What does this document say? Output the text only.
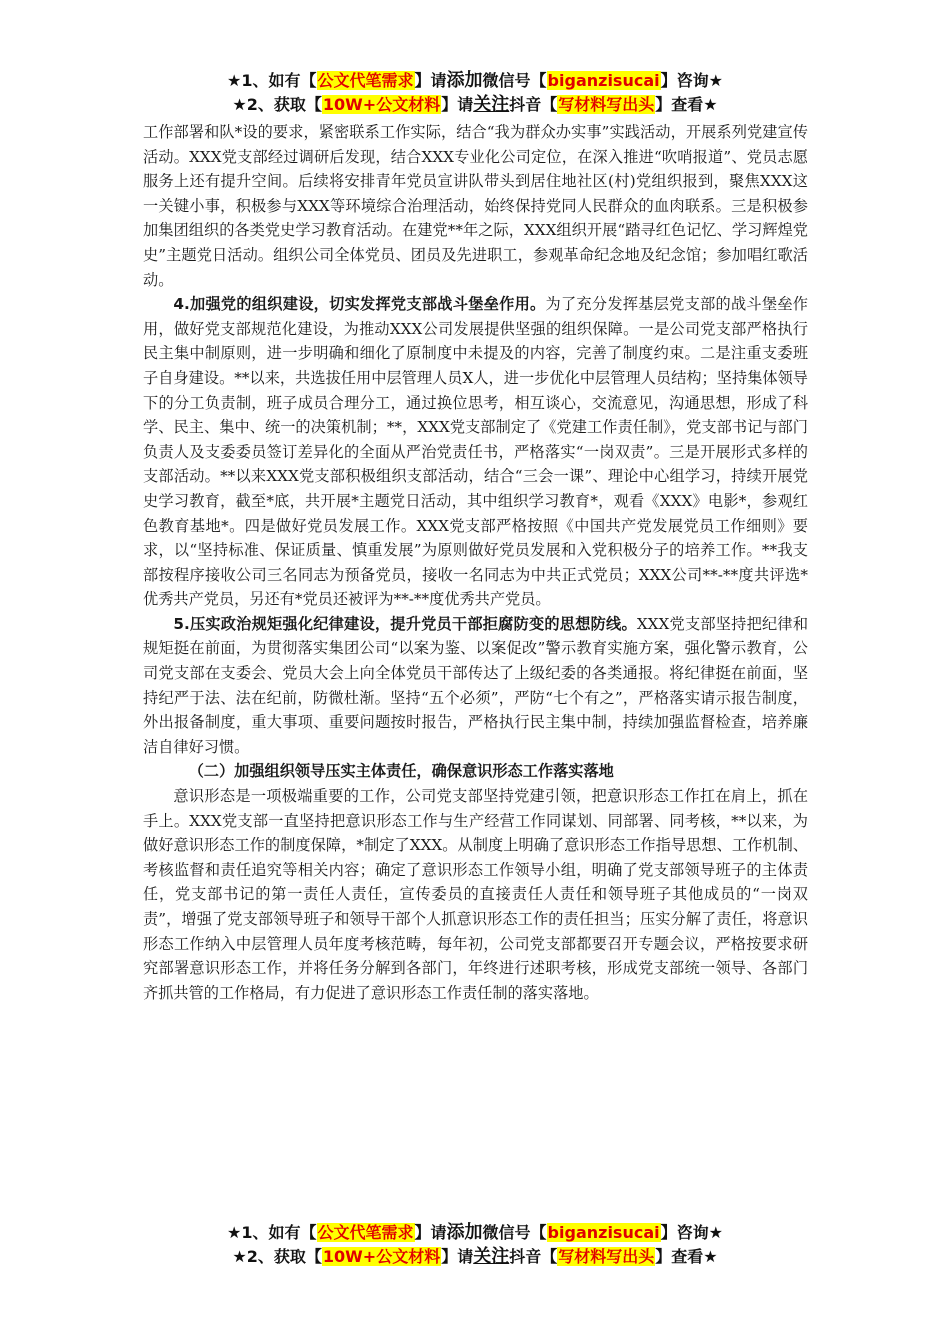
★1、如有【公文代笔需求】请添加微信号【biganzisucai】咨询★
★2、获取【10W+公文材料】请关注抖音【写材料写出头】查看★

工作部署和队*设的要求，紧密联系工作实际，结合“我为群众办实事”实践活动，开展系列党建宣传活动。XXX党支部经过调研后发现，结合XXX专业化公司定位，在深入推进“吹哨报道”、党员志愿服务上还有提升空间。后续将安排青年党员宣讲队带头到居住地社区(村)党组织报到，聚焦XXX这一关键小事，积极参与XXX等环境综合治理活动，始终保持党同人民群众的血肉联系。三是积极参加集团组织的各类党史学习教育活动。在建党**年之际，XXX组织开展“踏寻红色记忆、学习辉煌党史”主题党日活动。组织公司全体党员、团员及先进职工，参观革命纪念地及纪念馆；参加唱红歌活动。

4.加强党的组织建设，切实发挥党支部战斗堡垒作用。为了充分发挥基层党支部的战斗堡垒作用，做好党支部规范化建设，为推动XXX公司发展提供坚强的组织保障。一是公司党支部严格执行民主集中制原则，进一步明确和细化了原制度中未提及的内容，完善了制度约束。二是注重支委班子自身建设。**以来，共选拔任用中层管理人员X人，进一步优化中层管理人员结构；坚持集体领导下的分工负责制，班子成员合理分工，通过换位思考，相互谈心，交流意见，沟通思想，形成了科学、民主、集中、统一的决策机制；**，XXX党支部制定了《党建工作责任制》，党支部书记与部门负责人及支委委员签订差异化的全面从严治党责任书，严格落实“一岗双责”。三是开展形式多样的支部活动。**以来XXX党支部积极组织支部活动，结合“三会一课”、理论中心组学习，持续开展党史学习教育，截至*底，共开展*主题党日活动，其中组织学习教育*，观看《XXX》电影*，参观红色教育基地*。四是做好党员发展工作。XXX党支部严格按照《中国共产党发展党员工作细则》要求，以“坚持标准、保证质量、慎重发展”为原则做好党员发展和入党积极分子的培养工作。**我支部按程序接收公司三名同志为预备党员，接收一名同志为中共正式党员；XXX公司**-**度共评选*优秀共产党员，另还有*党员还被评为**-**度优秀共产党员。

5.压实政治规矩强化纪律建设，提升党员干部拒腐防变的思想防线。XXX党支部坚持把纪律和规矩挺在前面，为贯彻落实集团公司“以案为鉴、以案促改”警示教育实施方案，强化警示教育，公司党支部在支委会、党员大会上向全体党员干部传达了上级纪委的各类通报。将纪律挺在前面，坚持纪严于法、法在纪前，防微杜渐。坚持“五个必须”，严防“七个有之”，严格落实请示报告制度，外出报备制度，重大事项、重要问题按时报告，严格执行民主集中制，持续加强监督检查，培养廉洁自律好习惯。

（二）加强组织领导压实主体责任，确保意识形态工作落实落地

意识形态是一项极端重要的工作，公司党支部坚持党建引领，把意识形态工作扛在肩上，抓在手上。XXX党支部一直坚持把意识形态工作与生产经营工作同谋划、同部署、同考核，**以来，为做好意识形态工作的制度保障，*制定了XXX。从制度上明确了意识形态工作指导思想、工作机制、考核监督和责任追究等相关内容；确定了意识形态工作领导小组，明确了党支部领导班子的主体责任，党支部书记的第一责任人责任，宣传委员的直接责任人责任和领导班子其他成员的“一岗双责”，增强了党支部领导班子和领导干部个人抓意识形态工作的责任担当；压实分解了责任，将意识形态工作纳入中层管理人员年度考核范畴，每年初，公司党支部都要召开专题会议，严格按要求研究部署意识形态工作，并将任务分解到各部门，年终进行述职考核，形成党支部统一领导、各部门齐抓共管的工作格局，有力促进了意识形态工作责任制的落实落地。

★1、如有【公文代笔需求】请添加微信号【biganzisucai】咨询★
★2、获取【10W+公文材料】请关注抖音【写材料写出头】查看★
